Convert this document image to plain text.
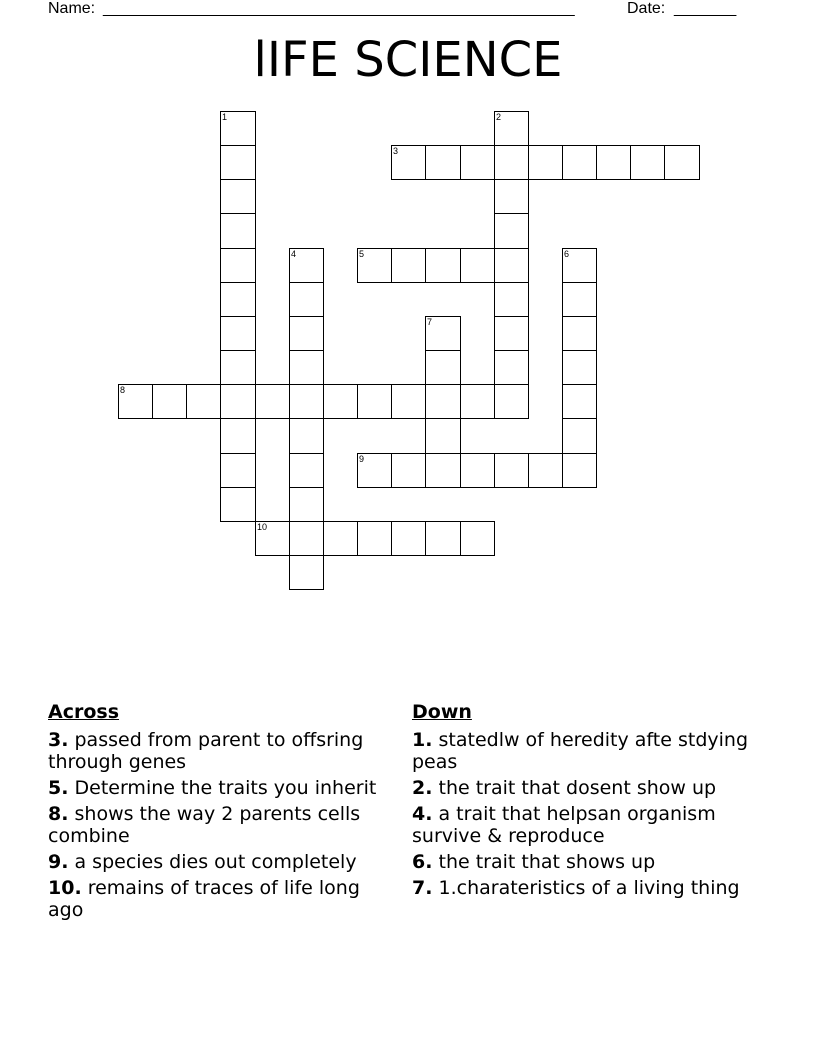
Name: _____________________________________________________	Date: _______
lIFE SCIENCE
1	2
3
4	5	6
7
8
9
10
Across
3. passed from parent to offsring through genes
5. Determine the traits you inherit
8. shows the way 2 parents cells combine
9. a species dies out completely
10. remains of traces of life long ago
Down
1. statedlw of heredity afte stdying peas
2. the trait that dosent show up
4. a trait that helpsan organism survive & reproduce
6. the trait that shows up
7. 1.charateristics of a living thing
